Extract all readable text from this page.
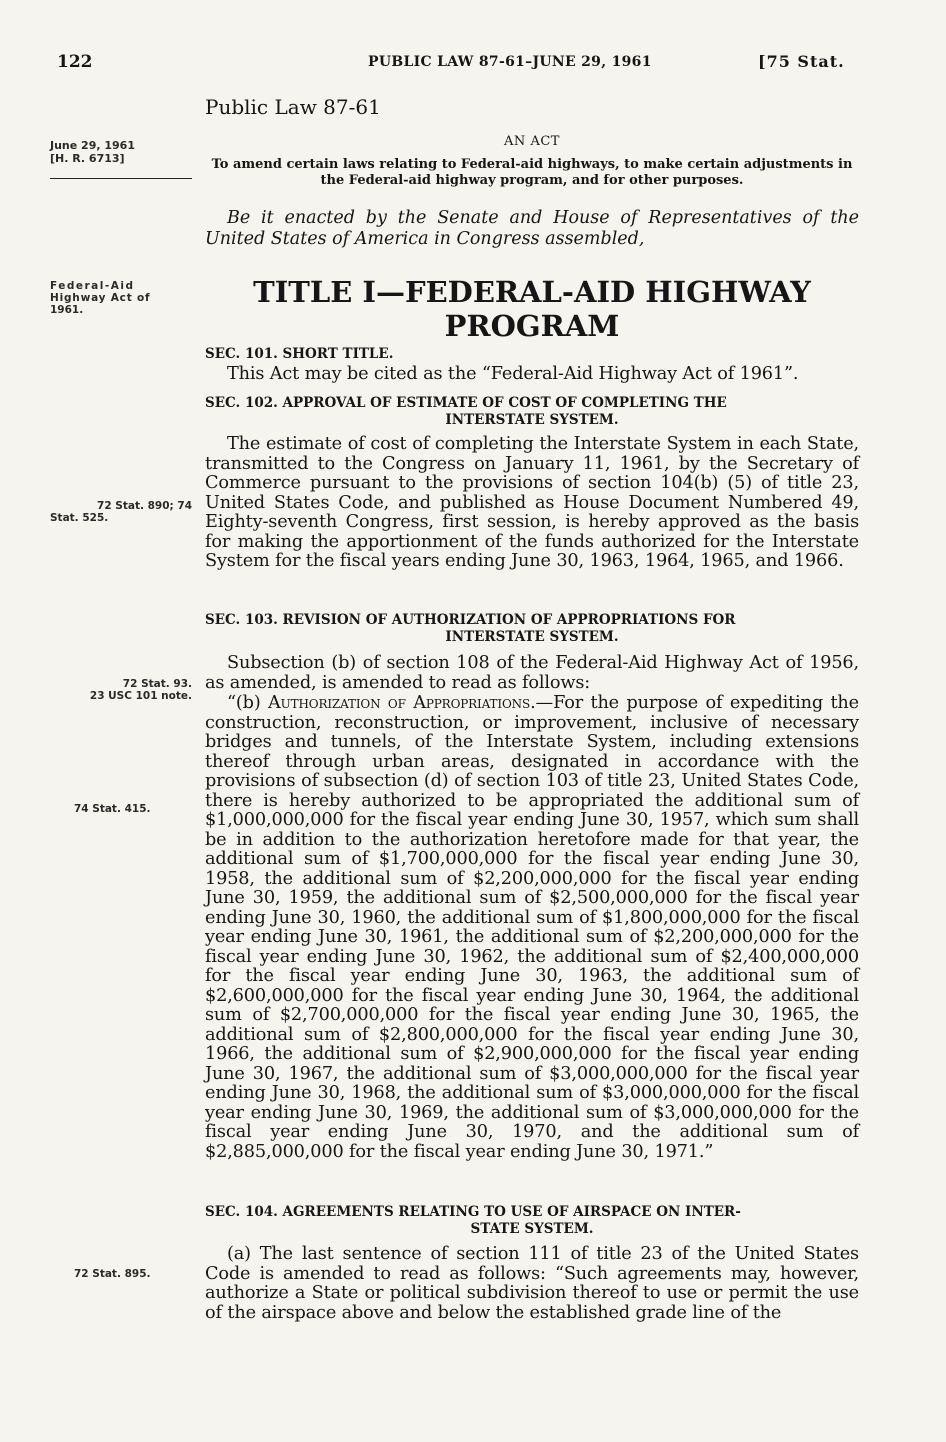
122	PUBLIC LAW 87-61–JUNE 29, 1961	[75 Stat.
June 29, 1961
[H. R. 6713]
Federal-Aid
Highway Act of
1961.
72 Stat. 890; 74
Stat. 525.
72 Stat. 93.
23 USC 101 note.
74 Stat. 415.
72 Stat. 895.
Public Law 87-61
AN ACT
To amend certain laws relating to Federal-aid highways, to make certain adjustments in the Federal-aid highway program, and for other purposes.
Be it enacted by the Senate and House of Representatives of the United States of America in Congress assembled,
TITLE I—FEDERAL-AID HIGHWAY PROGRAM
SEC. 101. SHORT TITLE.
This Act may be cited as the “Federal-Aid Highway Act of 1961”.
SEC. 102. APPROVAL OF ESTIMATE OF COST OF COMPLETING THE
INTERSTATE SYSTEM.
The estimate of cost of completing the Interstate System in each State, transmitted to the Congress on January 11, 1961, by the Secretary of Commerce pursuant to the provisions of section 104(b) (5) of title 23, United States Code, and published as House Document Numbered 49, Eighty-seventh Congress, first session, is hereby approved as the basis for making the apportionment of the funds authorized for the Interstate System for the fiscal years ending June 30, 1963, 1964, 1965, and 1966.
SEC. 103. REVISION OF AUTHORIZATION OF APPROPRIATIONS FOR
INTERSTATE SYSTEM.
Subsection (b) of section 108 of the Federal-Aid Highway Act of 1956, as amended, is amended to read as follows:
“(b) Authorization of Appropriations.—For the purpose of expediting the construction, reconstruction, or improvement, inclusive of necessary bridges and tunnels, of the Interstate System, including extensions thereof through urban areas, designated in accordance with the provisions of subsection (d) of section 103 of title 23, United States Code, there is hereby authorized to be appropriated the additional sum of $1,000,000,000 for the fiscal year ending June 30, 1957, which sum shall be in addition to the authorization heretofore made for that year, the additional sum of $1,700,000,000 for the fiscal year ending June 30, 1958, the additional sum of $2,200,000,000 for the fiscal year ending June 30, 1959, the additional sum of $2,500,000,000 for the fiscal year ending June 30, 1960, the additional sum of $1,800,000,000 for the fiscal year ending June 30, 1961, the additional sum of $2,200,000,000 for the fiscal year ending June 30, 1962, the additional sum of $2,400,000,000 for the fiscal year ending June 30, 1963, the additional sum of $2,600,000,000 for the fiscal year ending June 30, 1964, the additional sum of $2,700,000,000 for the fiscal year ending June 30, 1965, the additional sum of $2,800,000,000 for the fiscal year ending June 30, 1966, the additional sum of $2,900,000,000 for the fiscal year ending June 30, 1967, the additional sum of $3,000,000,000 for the fiscal year ending June 30, 1968, the additional sum of $3,000,000,000 for the fiscal year ending June 30, 1969, the additional sum of $3,000,000,000 for the fiscal year ending June 30, 1970, and the additional sum of $2,885,000,000 for the fiscal year ending June 30, 1971.”
SEC. 104. AGREEMENTS RELATING TO USE OF AIRSPACE ON INTER-
STATE SYSTEM.
(a) The last sentence of section 111 of title 23 of the United States Code is amended to read as follows: “Such agreements may, however, authorize a State or political subdivision thereof to use or permit the use of the airspace above and below the established grade line of the
